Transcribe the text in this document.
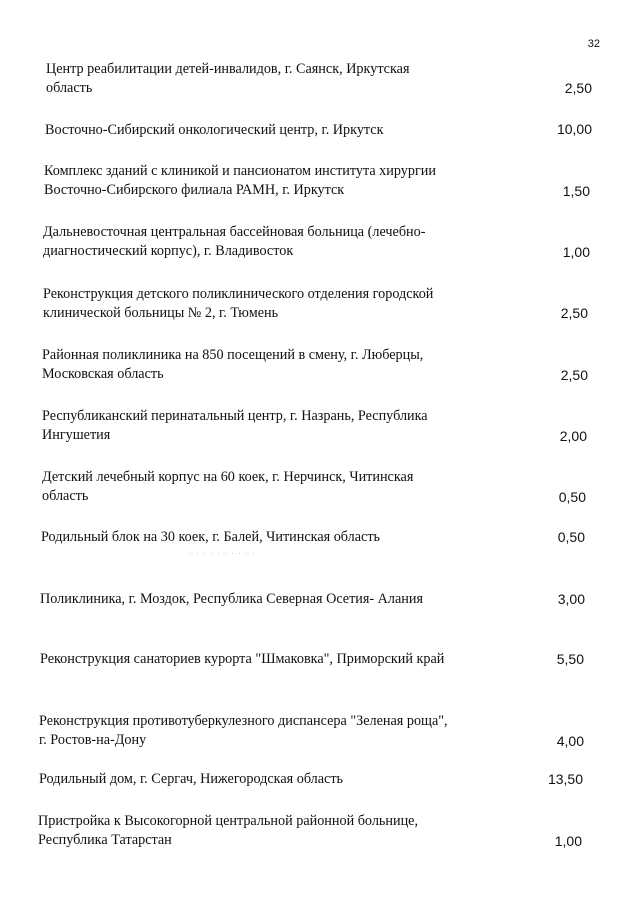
32
Центр реабилитации детей-инвалидов, г. Саянск, Иркутская
область	2,50
Восточно-Сибирский онкологический центр, г. Иркутск	10,00
Комплекс зданий с клиникой и пансионатом института хирургии
Восточно-Сибирского филиала РАМН, г. Иркутск	1,50
Дальневосточная центральная бассейновая больница (лечебно-
диагностический корпус), г. Владивосток	1,00
Реконструкция детского поликлинического отделения городской
клинической больницы № 2, г. Тюмень	2,50
Районная поликлиника на 850 посещений в смену, г. Люберцы,
Московская область	2,50
Республиканский перинатальный центр, г. Назрань, Республика
Ингушетия	2,00
Детский лечебный корпус на 60 коек, г. Нерчинск, Читинская
область	0,50
Родильный блок на 30 коек, г. Балей, Читинская область	0,50
Поликлиника, г. Моздок, Республика Северная Осетия- Алания	3,00
Реконструкция санаториев курорта "Шмаковка", Приморский край	5,50
Реконструкция противотуберкулезного диспансера "Зеленая роща",
г. Ростов-на-Дону	4,00
Родильный дом, г. Сергач, Нижегородская область	13,50
Пристройка к Высокогорной центральной районной больнице,
Республика Татарстан	1,00
